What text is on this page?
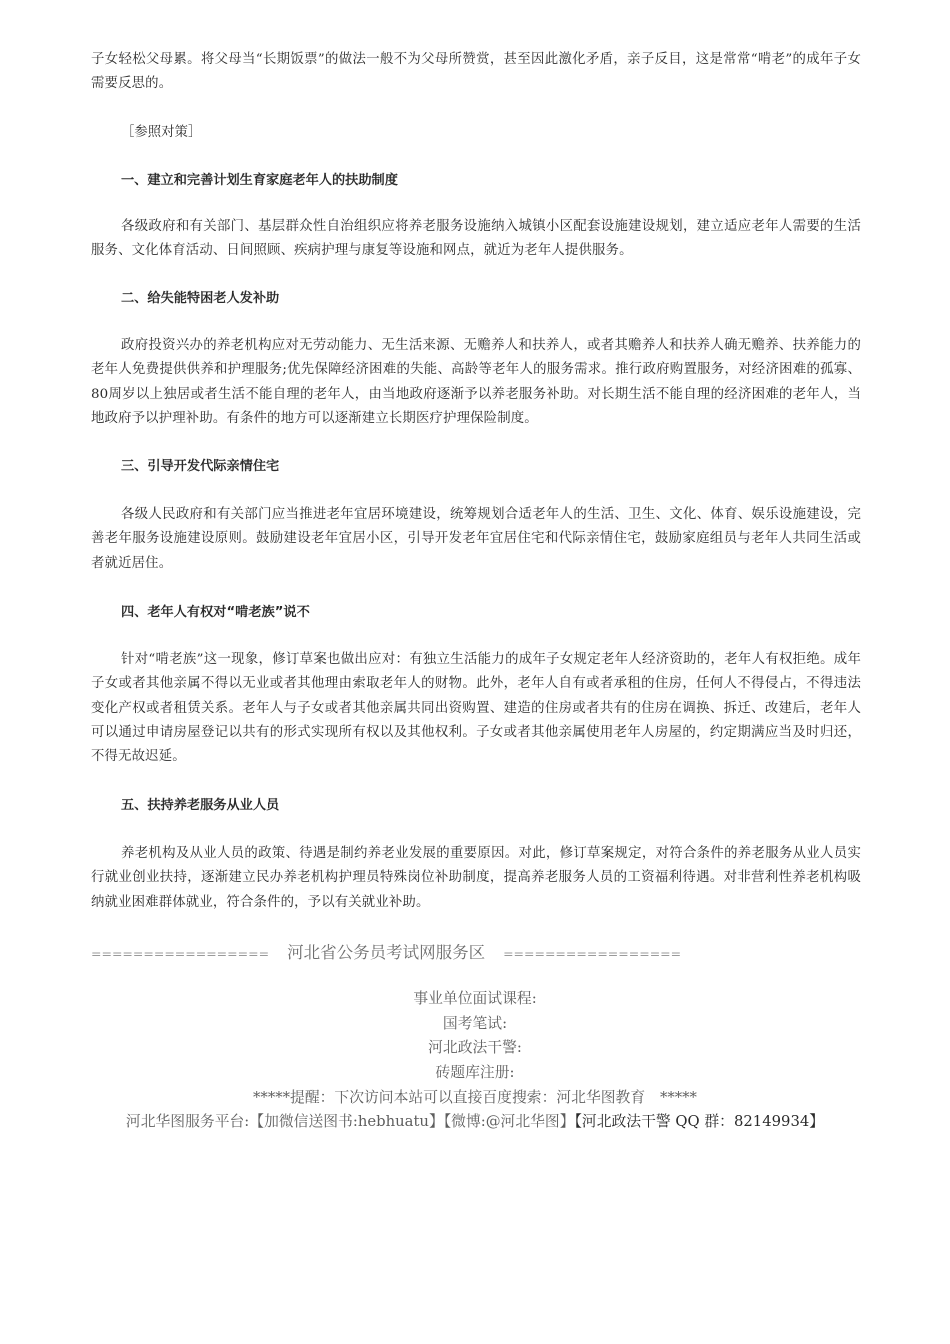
子女轻松父母累。将父母当“长期饭票”的做法一般不为父母所赞赏，甚至因此激化矛盾，亲子反目，这是常常“啃老”的成年子女需要反思的。

［参照对策］

一、建立和完善计划生育家庭老年人的扶助制度

各级政府和有关部门、基层群众性自治组织应将养老服务设施纳入城镇小区配套设施建设规划，建立适应老年人需要的生活服务、文化体育活动、日间照顾、疾病护理与康复等设施和网点，就近为老年人提供服务。

二、给失能特困老人发补助

政府投资兴办的养老机构应对无劳动能力、无生活来源、无赡养人和扶养人，或者其赡养人和扶养人确无赡养、扶养能力的老年人免费提供供养和护理服务;优先保障经济困难的失能、高龄等老年人的服务需求。推行政府购置服务，对经济困难的孤寡、80周岁以上独居或者生活不能自理的老年人，由当地政府逐渐予以养老服务补助。对长期生活不能自理的经济困难的老年人，当地政府予以护理补助。有条件的地方可以逐渐建立长期医疗护理保险制度。

三、引导开发代际亲情住宅

各级人民政府和有关部门应当推进老年宜居环境建设，统筹规划合适老年人的生活、卫生、文化、体育、娱乐设施建设，完善老年服务设施建设原则。鼓励建设老年宜居小区，引导开发老年宜居住宅和代际亲情住宅，鼓励家庭组员与老年人共同生活或者就近居住。

四、老年人有权对“啃老族”说不

针对“啃老族”这一现象，修订草案也做出应对：有独立生活能力的成年子女规定老年人经济资助的，老年人有权拒绝。成年子女或者其他亲属不得以无业或者其他理由索取老年人的财物。此外，老年人自有或者承租的住房，任何人不得侵占，不得违法变化产权或者租赁关系。老年人与子女或者其他亲属共同出资购置、建造的住房或者共有的住房在调换、拆迁、改建后，老年人可以通过申请房屋登记以共有的形式实现所有权以及其他权利。子女或者其他亲属使用老年人房屋的，约定期满应当及时归还，不得无故迟延。

五、扶持养老服务从业人员

养老机构及从业人员的政策、待遇是制约养老业发展的重要原因。对此，修订草案规定，对符合条件的养老服务从业人员实行就业创业扶持，逐渐建立民办养老机构护理员特殊岗位补助制度，提高养老服务人员的工资福利待遇。对非营利性养老机构吸纳就业困难群体就业，符合条件的，予以有关就业补助。

================= 河北省公务员考试网服务区 =================
事业单位面试课程:
国考笔试:
河北政法干警:
砖题库注册:
*****提醒：下次访问本站可以直接百度搜索：河北华图教育　*****
河北华图服务平台:【加微信送图书:hebhuatu】【微博:@河北华图】【河北政法干警 QQ 群：82149934】
